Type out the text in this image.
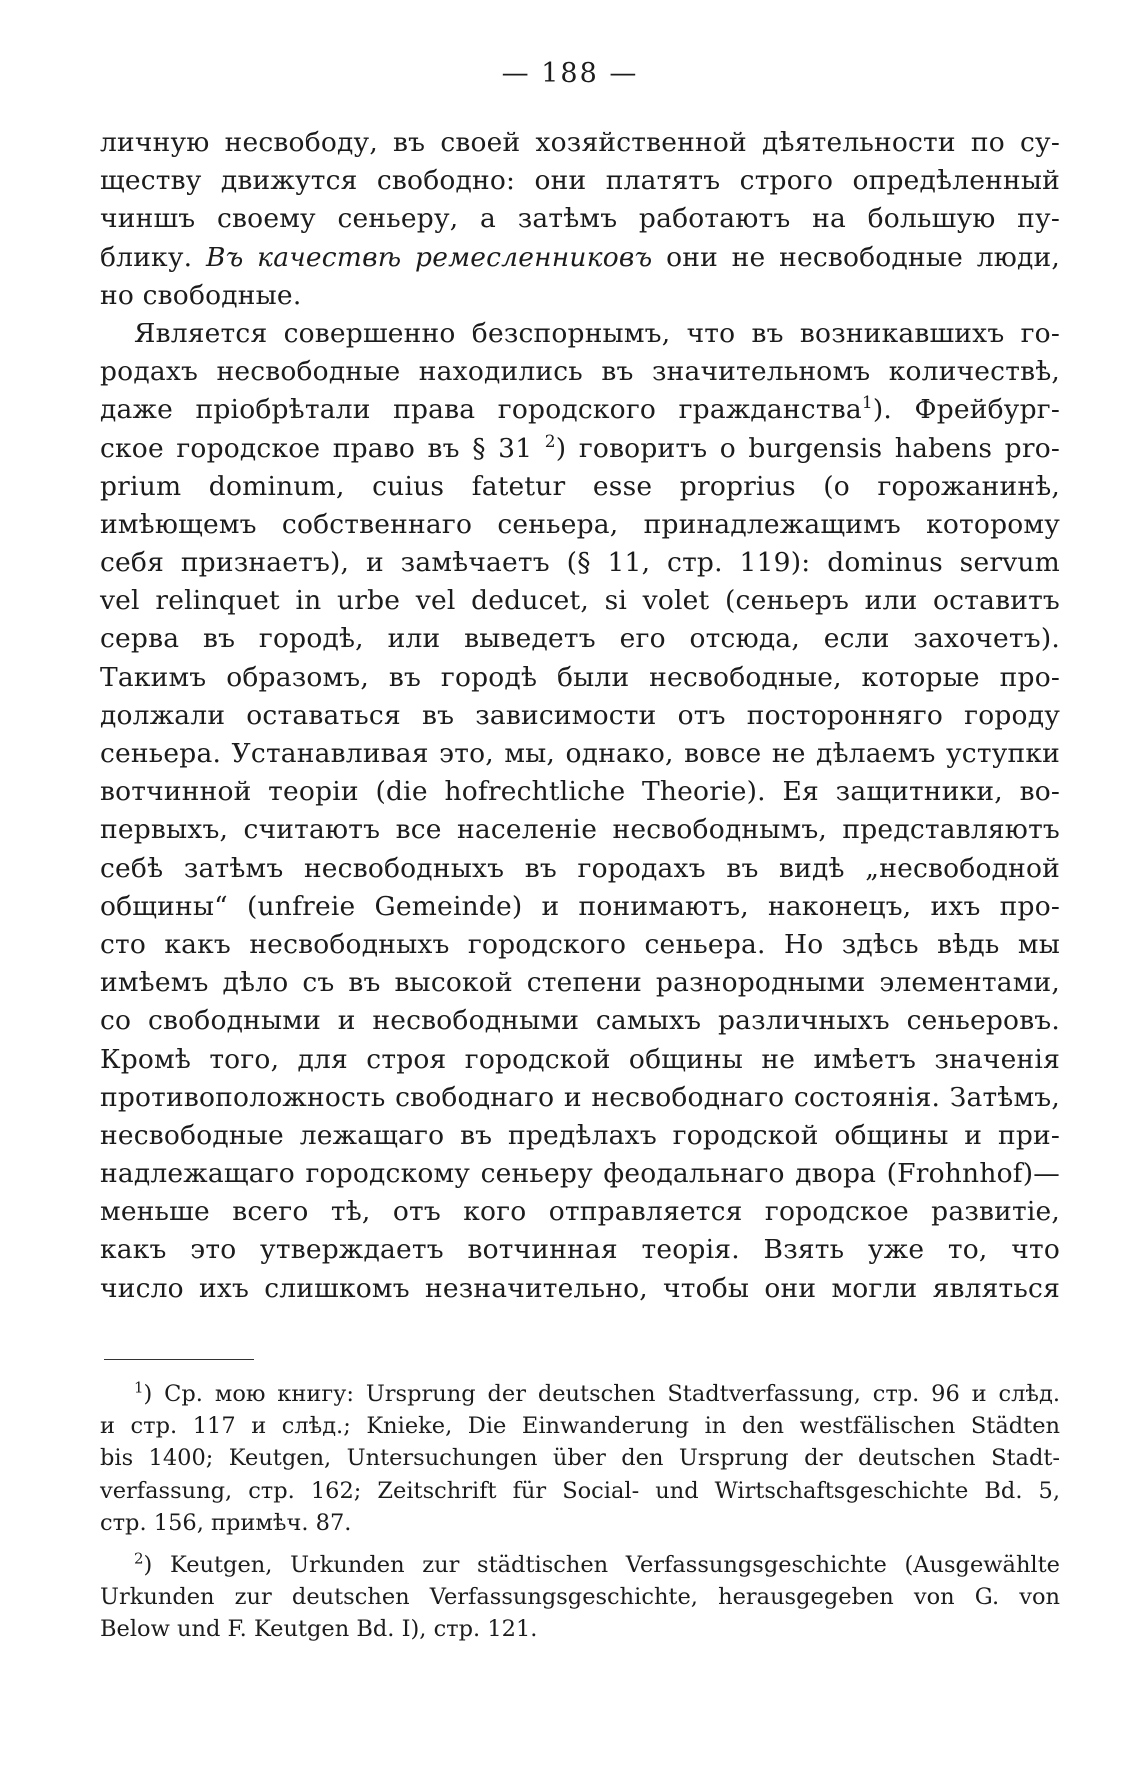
— 188 —
личную несвободу, въ своей хозяйственной дѣятельности по су-
ществу движутся свободно: они платятъ строго опредѣленный
чиншъ своему сеньеру, а затѣмъ работаютъ на большую пу-
блику. Въ качествѣ ремесленниковъ они не несвободные люди,
но свободные.
Является совершенно безспорнымъ, что въ возникавшихъ го-
родахъ несвободные находились въ значительномъ количествѣ,
даже пріобрѣтали права городского гражданства$^1$). Фрейбург-
ское городское право въ § 31 $^2$) говоритъ о burgensis habens pro-
prium dominum, cuius fatetur esse proprius (о горожанинѣ,
имѣющемъ собственнаго сеньера, принадлежащимъ которому
себя признаетъ), и замѣчаетъ (§ 11, стр. 119): dominus servum
vel relinquet in urbe vel deducet, si volet (сеньеръ или оставитъ
серва въ городѣ, или выведетъ его отсюда, если захочетъ).
Такимъ образомъ, въ городѣ были несвободные, которые про-
должали оставаться въ зависимости отъ посторонняго городу
сеньера. Устанавливая это, мы, однако, вовсе не дѣлаемъ уступки
вотчинной теоріи (die hofrechtliche Theorie). Ея защитники, во-
первыхъ, считаютъ все населеніе несвободнымъ, представляютъ
себѣ затѣмъ несвободныхъ въ городахъ въ видѣ „несвободной
общины“ (unfreie Gemeinde) и понимаютъ, наконецъ, ихъ про-
сто какъ несвободныхъ городского сеньера. Но здѣсь вѣдь мы
имѣемъ дѣло съ въ высокой степени разнородными элементами,
со свободными и несвободными самыхъ различныхъ сеньеровъ.
Кромѣ того, для строя городской общины не имѣетъ значенія
противоположность свободнаго и несвободнаго состоянія. Затѣмъ,
несвободные лежащаго въ предѣлахъ городской общины и при-
надлежащаго городскому сеньеру феодальнаго двора (Frohnhof)—
меньше всего тѣ, отъ кого отправляется городское развитіе,
какъ это утверждаетъ вотчинная теорія. Взять уже то, что
число ихъ слишкомъ незначительно, чтобы они могли являться
$^1$) Ср. мою книгу: Ursprung der deutschen Stadtverfassung, стр. 96 и слѣд.
и стр. 117 и слѣд.; Knieke, Die Einwanderung in den westfälischen Städten
bis 1400; Keutgen, Untersuchungen über den Ursprung der deutschen Stadt-
verfassung, стр. 162; Zeitschrift für Social- und Wirtschaftsgeschichte Bd. 5,
стр. 156, примѣч. 87.
$^2$) Keutgen, Urkunden zur städtischen Verfassungsgeschichte (Ausgewählte
Urkunden zur deutschen Verfassungsgeschichte, herausgegeben von G. von
Below und F. Keutgen Bd. I), стр. 121.
